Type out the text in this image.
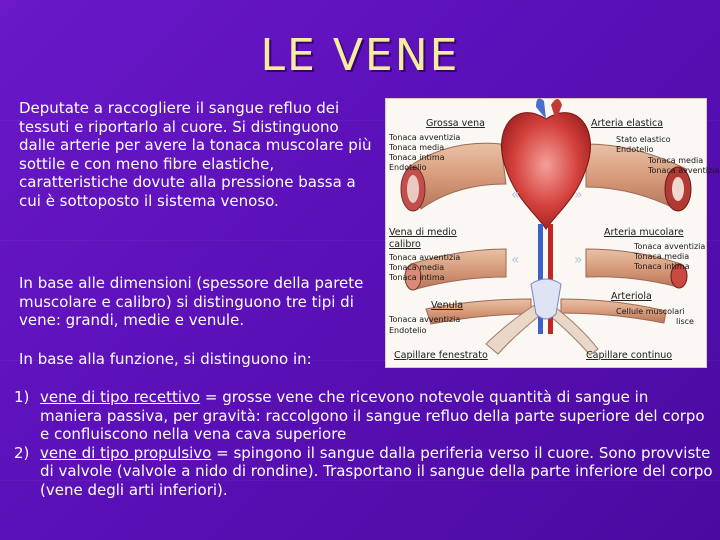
LE VENE
Deputate a raccogliere il sangue refluo dei tessuti e riportarlo al cuore. Si distinguono dalle arterie per avere la tonaca muscolare più sottile e con meno fibre elastiche, caratteristiche dovute alla pressione bassa a cui è sottoposto il sistema venoso.
In base alle dimensioni (spessore della parete muscolare e calibro) si distinguono tre tipi di vene: grandi, medie e venule.
In base alla funzione, si distinguono in:
«	»
«	»
Grossa vena
Tonaca avventizia
Tonaca media
Tonaca intima
Endotelio
Vena di medio
calibro
Tonaca avventizia
Tonaca media
Tonaca intima
Venula
Tonaca avventizia
Endotelio
Capillare fenestrato
Arteria elastica
Stato elastico
Endotelio
Tonaca media
Tonaca avventizia
Arteria mucolare
Tonaca avventizia
Tonaca media
Tonaca intima
Arteriola
Cellule muscolari
lisce
Capillare continuo
1) vene di tipo recettivo = grosse vene che ricevono notevole quantità di sangue in maniera passiva, per gravità: raccolgono il sangue refluo della parte superiore del corpo e confluiscono nella vena cava superiore
2) vene di tipo propulsivo = spingono il sangue dalla periferia verso il cuore. Sono provviste di valvole (valvole a nido di rondine). Trasportano il sangue della parte inferiore del corpo (vene degli arti inferiori).
